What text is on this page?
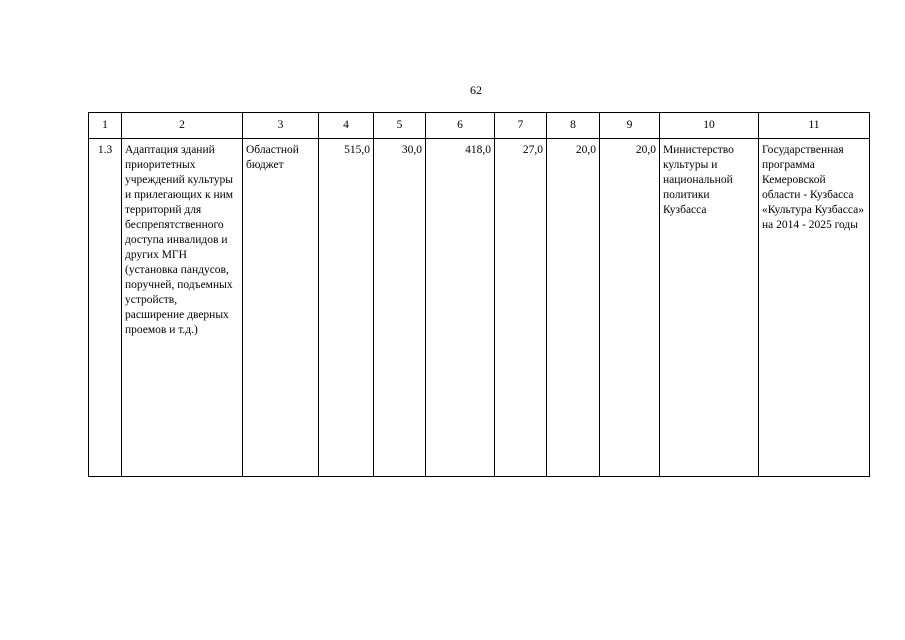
62
1	2	3	4	5	6	7	8	9	10	11
1.3	Адаптация зданий приоритетных учреждений культуры и прилегающих к ним территорий для беспрепятственного доступа инвалидов и других МГН (установка пандусов, поручней, подъемных устройств, расширение дверных проемов и т.д.)	Областной бюджет	515,0	30,0	418,0	27,0	20,0	20,0	Министерство культуры и национальной политики Кузбасса	Государственная программа Кемеровской области - Кузбасса «Культура Кузбасса» на 2014 - 2025 годы
